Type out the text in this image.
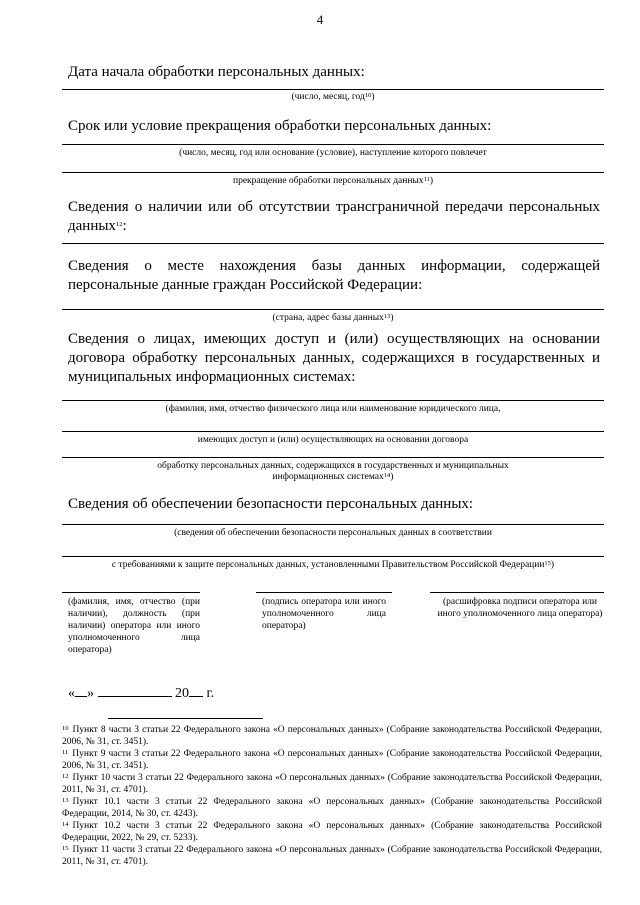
4
Дата начала обработки персональных данных:
(число, месяц, год$^{10}$)
Срок или условие прекращения обработки персональных данных:
(число, месяц, год или основание (условие), наступление которого повлечет
прекращение обработки персональных данных$^{11}$)
Сведения о наличии или об отсутствии трансграничной передачи персональных данных$^{12}$:
Сведения о месте нахождения базы данных информации, содержащей персональные данные граждан Российской Федерации:
(страна, адрес базы данных$^{13}$)
Сведения о лицах, имеющих доступ и (или) осуществляющих на основании договора обработку персональных данных, содержащихся в государственных и муниципальных информационных системах:
(фамилия, имя, отчество физического лица или наименование юридического лица,
имеющих доступ и (или) осуществляющих на основании договора
обработку персональных данных, содержащихся в государственных и муниципальных
информационных системах$^{14}$)
Сведения об обеспечении безопасности персональных данных:
(сведения об обеспечении безопасности персональных данных в соответствии
с требованиями к защите персональных данных, установленными Правительством Российской Федерации$^{15}$)
(фамилия, имя, отчество (при наличии), должность (при наличии) оператора или иного уполномоченного лица оператора)
(подпись оператора или иного уполномоченного лица оператора)
(расшифровка подписи оператора или иного уполномоченного лица оператора)
« »	20 г.
$^{10}$ Пункт 8 части 3 статьи 22 Федерального закона «О персональных данных» (Собрание законодательства Российской Федерации, 2006, № 31, ст. 3451).
$^{11}$ Пункт 9 части 3 статьи 22 Федерального закона «О персональных данных» (Собрание законодательства Российской Федерации, 2006, № 31, ст. 3451).
$^{12}$ Пункт 10 части 3 статьи 22 Федерального закона «О персональных данных» (Собрание законодательства Российской Федерации, 2011, № 31, ст. 4701).
$^{13}$ Пункт 10.1 части 3 статьи 22 Федерального закона «О персональных данных» (Собрание законодательства Российской Федерации, 2014, № 30, ст. 4243).
$^{14}$ Пункт 10.2 части 3 статьи 22 Федерального закона «О персональных данных» (Собрание законодательства Российской Федерации, 2022, № 29, ст. 5233).
$^{15}$ Пункт 11 части 3 статьи 22 Федерального закона «О персональных данных» (Собрание законодательства Российской Федерации, 2011, № 31, ст. 4701).
